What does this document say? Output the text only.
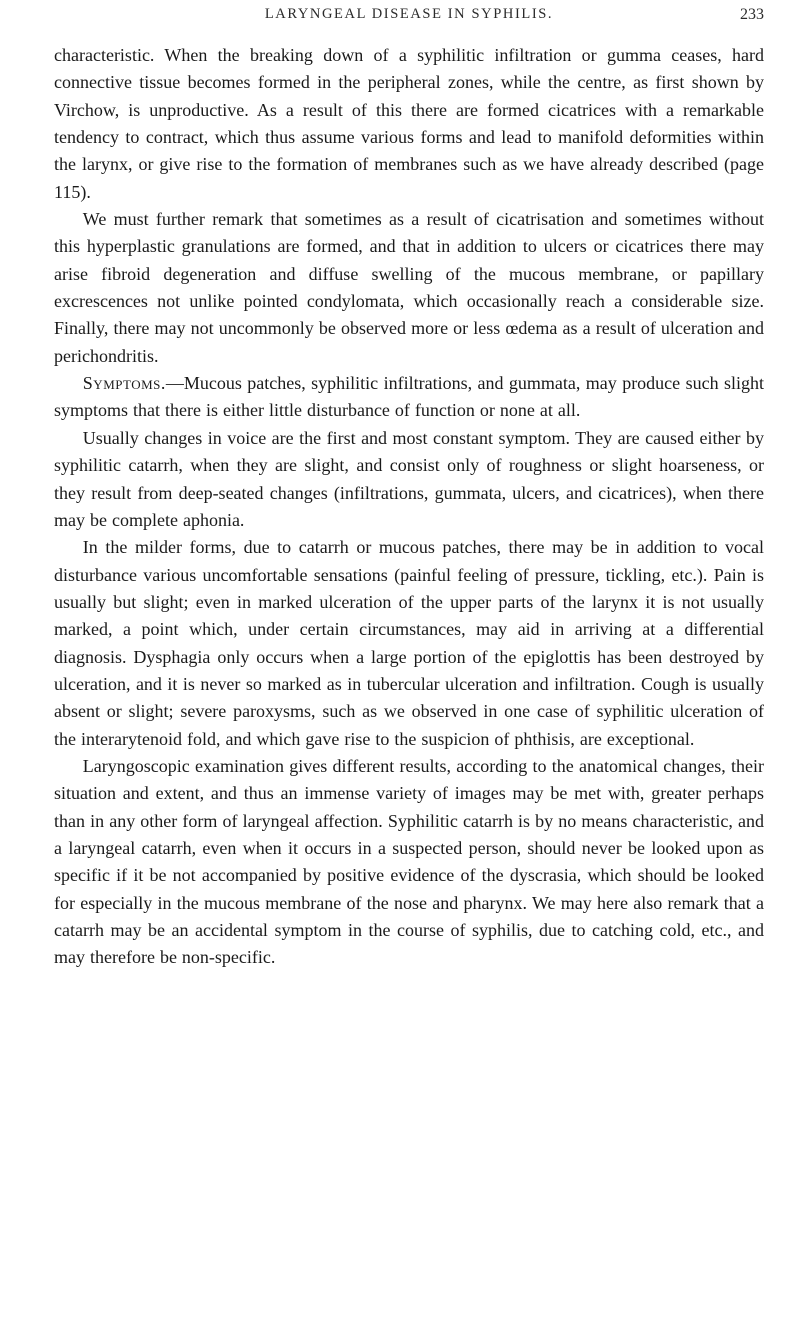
LARYNGEAL DISEASE IN SYPHILIS.	233

characteristic. When the breaking down of a syphilitic infiltration or gumma ceases, hard connective tissue becomes formed in the peripheral zones, while the centre, as first shown by Virchow, is unproductive. As a result of this there are formed cicatrices with a remarkable tendency to contract, which thus assume various forms and lead to manifold deformities within the larynx, or give rise to the formation of membranes such as we have already described (page 115).

We must further remark that sometimes as a result of cicatrisation and sometimes without this hyperplastic granulations are formed, and that in addition to ulcers or cicatrices there may arise fibroid degeneration and diffuse swelling of the mucous membrane, or papillary excrescences not unlike pointed condylomata, which occasionally reach a considerable size. Finally, there may not uncommonly be observed more or less œdema as a result of ulceration and perichondritis.

Symptoms.—Mucous patches, syphilitic infiltrations, and gummata, may produce such slight symptoms that there is either little disturbance of function or none at all.

Usually changes in voice are the first and most constant symptom. They are caused either by syphilitic catarrh, when they are slight, and consist only of roughness or slight hoarseness, or they result from deep-seated changes (infiltrations, gummata, ulcers, and cicatrices), when there may be complete aphonia.

In the milder forms, due to catarrh or mucous patches, there may be in addition to vocal disturbance various uncomfortable sensations (painful feeling of pressure, tickling, etc.). Pain is usually but slight; even in marked ulceration of the upper parts of the larynx it is not usually marked, a point which, under certain circumstances, may aid in arriving at a differential diagnosis. Dysphagia only occurs when a large portion of the epiglottis has been destroyed by ulceration, and it is never so marked as in tubercular ulceration and infiltration. Cough is usually absent or slight; severe paroxysms, such as we observed in one case of syphilitic ulceration of the interarytenoid fold, and which gave rise to the suspicion of phthisis, are exceptional.

Laryngoscopic examination gives different results, according to the anatomical changes, their situation and extent, and thus an immense variety of images may be met with, greater perhaps than in any other form of laryngeal affection. Syphilitic catarrh is by no means characteristic, and a laryngeal catarrh, even when it occurs in a suspected person, should never be looked upon as specific if it be not accompanied by positive evidence of the dyscrasia, which should be looked for especially in the mucous membrane of the nose and pharynx. We may here also remark that a catarrh may be an accidental symptom in the course of syphilis, due to catching cold, etc., and may therefore be non-specific.
